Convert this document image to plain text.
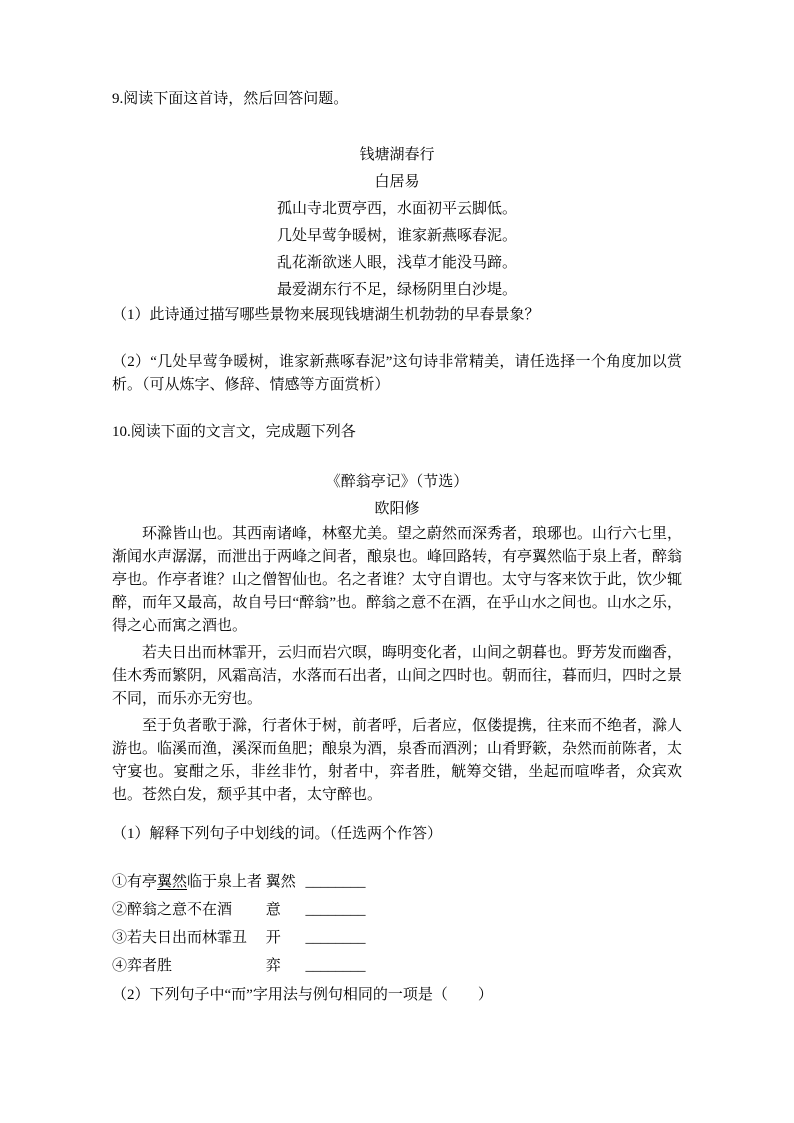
9.阅读下面这首诗，然后回答问题。

钱塘湖春行

白居易

孤山寺北贾亭西，水面初平云脚低。

几处早莺争暖树，谁家新燕啄春泥。

乱花渐欲迷人眼，浅草才能没马蹄。

最爱湖东行不足，绿杨阴里白沙堤。

（1）此诗通过描写哪些景物来展现钱塘湖生机勃勃的早春景象？

（2）“几处早莺争暖树，谁家新燕啄春泥”这句诗非常精美，请任选择一个角度加以赏析。（可从炼字、修辞、情感等方面赏析）

10.阅读下面的文言文，完成题下列各

《醉翁亭记》（节选）

欧阳修

环滁皆山也。其西南诸峰，林壑尤美。望之蔚然而深秀者，琅琊也。山行六七里，渐闻水声潺潺，而泄出于两峰之间者，酿泉也。峰回路转，有亭翼然临于泉上者，醉翁亭也。作亭者谁？山之僧智仙也。名之者谁？太守自谓也。太守与客来饮于此，饮少辄醉，而年又最高，故自号曰“醉翁”也。醉翁之意不在酒，在乎山水之间也。山水之乐，得之心而寓之酒也。

若夫日出而林霏开，云归而岩穴暝，晦明变化者，山间之朝暮也。野芳发而幽香，佳木秀而繁阴，风霜高洁，水落而石出者，山间之四时也。朝而往，暮而归，四时之景不同，而乐亦无穷也。

至于负者歌于滁，行者休于树，前者呼，后者应，伛偻提携，往来而不绝者，滁人游也。临溪而渔，溪深而鱼肥；酿泉为酒，泉香而酒洌；山肴野簌，杂然而前陈者，太守宴也。宴酣之乐，非丝非竹，射者中，弈者胜，觥筹交错，坐起而喧哗者，众宾欢也。苍然白发，颓乎其中者，太守醉也。

（1）解释下列句子中划线的词。（任选两个作答）

①有亭翼然临于泉上者 翼然 ________
②醉翁之意不在酒 意 ________
③若夫日出而林霏丑 开 ________
④弈者胜	弈 ________

（2）下列句子中“而”字用法与例句相同的一项是（　　）
